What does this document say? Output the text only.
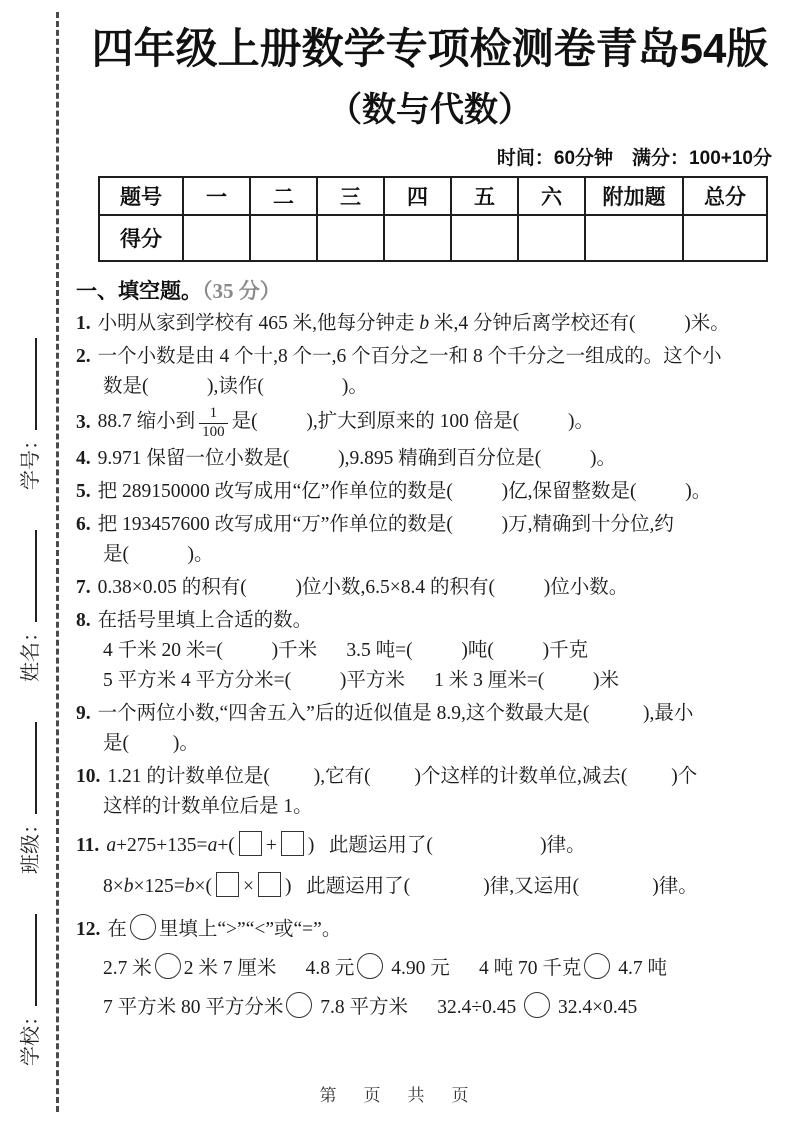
学校：
班级：
姓名：
学号：
四年级上册数学专项检测卷青岛54版
（数与代数）
时间：60分钟　满分：100+10分
题号	一	二	三	四	五	六	附加题	总分
得分								
一、填空题。（35 分）
1. 小明从家到学校有 465 米,他每分钟走 b 米,4 分钟后离学校还有(          )米。
2. 一个小数是由 4 个十,8 个一,6 个百分之一和 8 个千分之一组成的。这个小
数是(            ),读作(                )。
3. 88.7 缩小到 $\frac{1}{100}$ 是(          ),扩大到原来的 100 倍是(          )。
4. 9.971 保留一位小数是(          ),9.895 精确到百分位是(          )。
5. 把 289150000 改写成用“亿”作单位的数是(          )亿,保留整数是(          )。
6. 把 193457600 改写成用“万”作单位的数是(          )万,精确到十分位,约
是(            )。
7. 0.38×0.05 的积有(          )位小数,6.5×8.4 的积有(          )位小数。
8. 在括号里填上合适的数。
4 千米 20 米=(          )千米      3.5 吨=(          )吨(          )千克
5 平方米 4 平方分米=(          )平方米      1 米 3 厘米=(          )米
9. 一个两位小数,“四舍五入”后的近似值是 8.9,这个数最大是(           ),最小
是(         )。
10. 1.21 的计数单位是(         ),它有(         )个这样的计数单位,减去(         )个
这样的计数单位后是 1。
11. a+275+135=a+( + )   此题运用了(                      )律。
8×b×125=b×( × )   此题运用了(               )律,又运用(               )律。
12. 在 里填上“>”“<”或“=”。
2.7 米 2 米 7 厘米      4.8 元 4.90 元      4 吨 70 千克 4.7 吨
7 平方米 80 平方分米 7.8 平方米      32.4÷0.45  32.4×0.45
第　页　共　页
